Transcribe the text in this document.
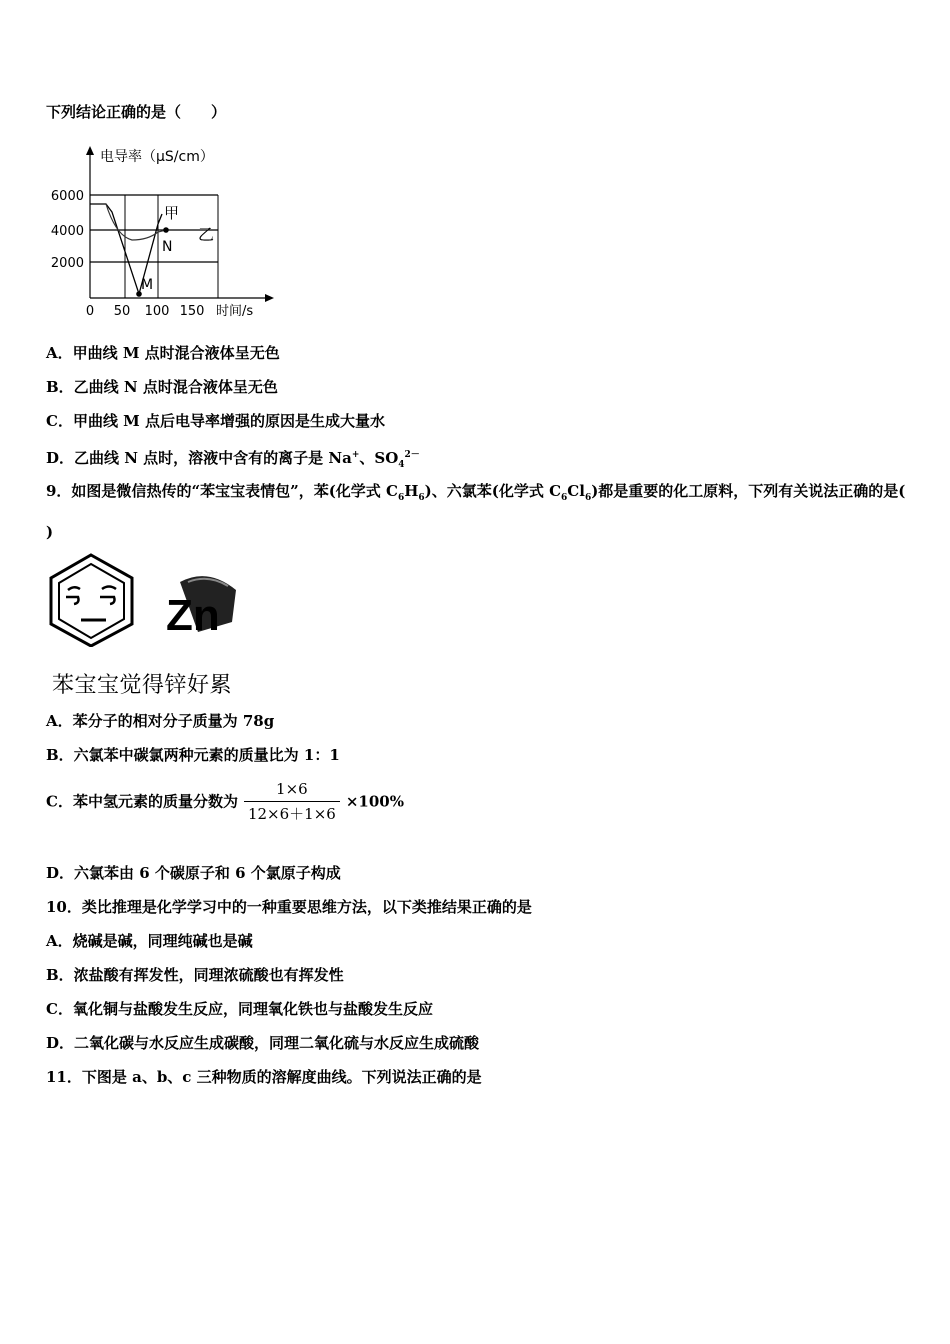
下列结论正确的是（　　）
电导率（μS/cm）
6000
4000
2000
0 50 100 150 时间/s
甲
N
M
乙
A．甲曲线 M 点时混合液体呈无色
B．乙曲线 N 点时混合液体呈无色
C．甲曲线 M 点后电导率增强的原因是生成大量水
D．乙曲线 N 点时，溶液中含有的离子是 Na+、$SO_4^{2-}$
9．如图是微信热传的“苯宝宝表情包”，苯(化学式 $C_6H_6$)、六氯苯(化学式 $C_6Cl_6$)都是重要的化工原料，下列有关说法正确的是( )
Zn
苯宝宝觉得锌好累
A．苯分子的相对分子质量为 78g
B．六氯苯中碳氯两种元素的质量比为 1：1
C．苯中氢元素的质量分数为 $\frac{1\times 6}{12\times 6+1\times 6} \times 100\%$
D．六氯苯由 6 个碳原子和 6 个氯原子构成
10．类比推理是化学学习中的一种重要思维方法，以下类推结果正确的是
A．烧碱是碱，同理纯碱也是碱
B．浓盐酸有挥发性，同理浓硫酸也有挥发性
C．氧化铜与盐酸发生反应，同理氧化铁也与盐酸发生反应
D．二氧化碳与水反应生成碳酸，同理二氧化硫与水反应生成硫酸
11．下图是 a、b、c 三种物质的溶解度曲线。下列说法正确的是
